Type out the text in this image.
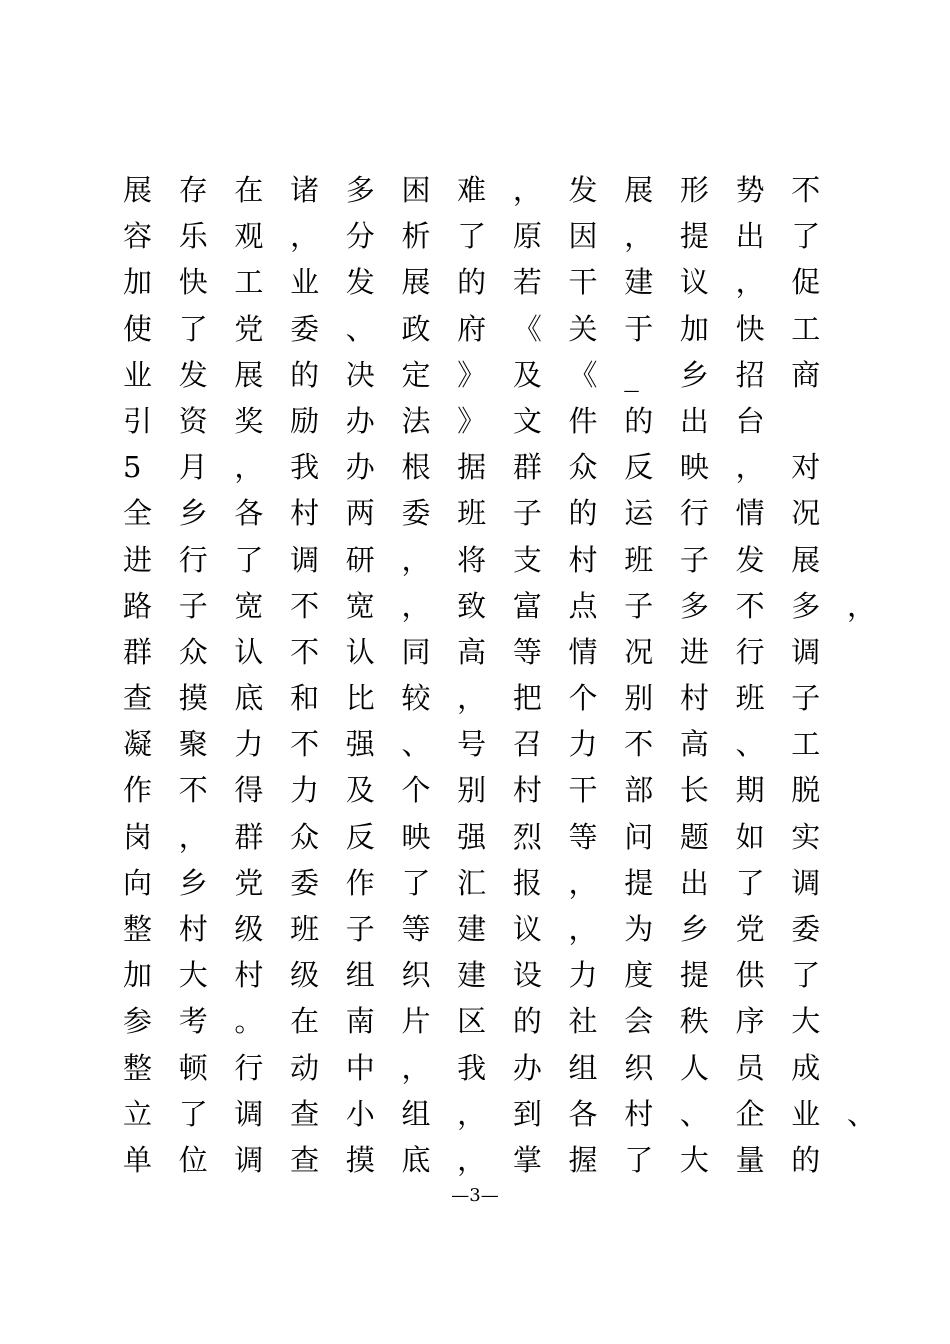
展 存 在 诸 多 困 难 ， 发 展 形 势 不
容 乐 观 ， 分 析 了 原 因 ， 提 出 了
加 快 工 业 发 展 的 若 干 建 议 ， 促
使 了 党 委 、 政 府 《 关 于 加 快 工
业 发 展 的 决 定 》 及 《 _ 乡 招 商
引 资 奖 励 办 法 》 文 件 的 出 台
5 月 ， 我 办 根 据 群 众 反 映 ， 对
全 乡 各 村 两 委 班 子 的 运 行 情 况
进 行 了 调 研 ， 将 支 村 班 子 发 展
路 子 宽 不 宽 ， 致 富 点 子 多 不 多 ，
群 众 认 不 认 同 高 等 情 况 进 行 调
查 摸 底 和 比 较 ， 把 个 别 村 班 子
凝 聚 力 不 强 、 号 召 力 不 高 、 工
作 不 得 力 及 个 别 村 干 部 长 期 脱
岗 ， 群 众 反 映 强 烈 等 问 题 如 实
向 乡 党 委 作 了 汇 报 ， 提 出 了 调
整 村 级 班 子 等 建 议 ， 为 乡 党 委
加 大 村 级 组 织 建 设 力 度 提 供 了
参 考 。 在 南 片 区 的 社 会 秩 序 大
整 顿 行 动 中 ， 我 办 组 织 人 员 成
立 了 调 查 小 组 ， 到 各 村 、 企 业 、
单 位 调 查 摸 底 ， 掌 握 了 大 量 的
—3—
